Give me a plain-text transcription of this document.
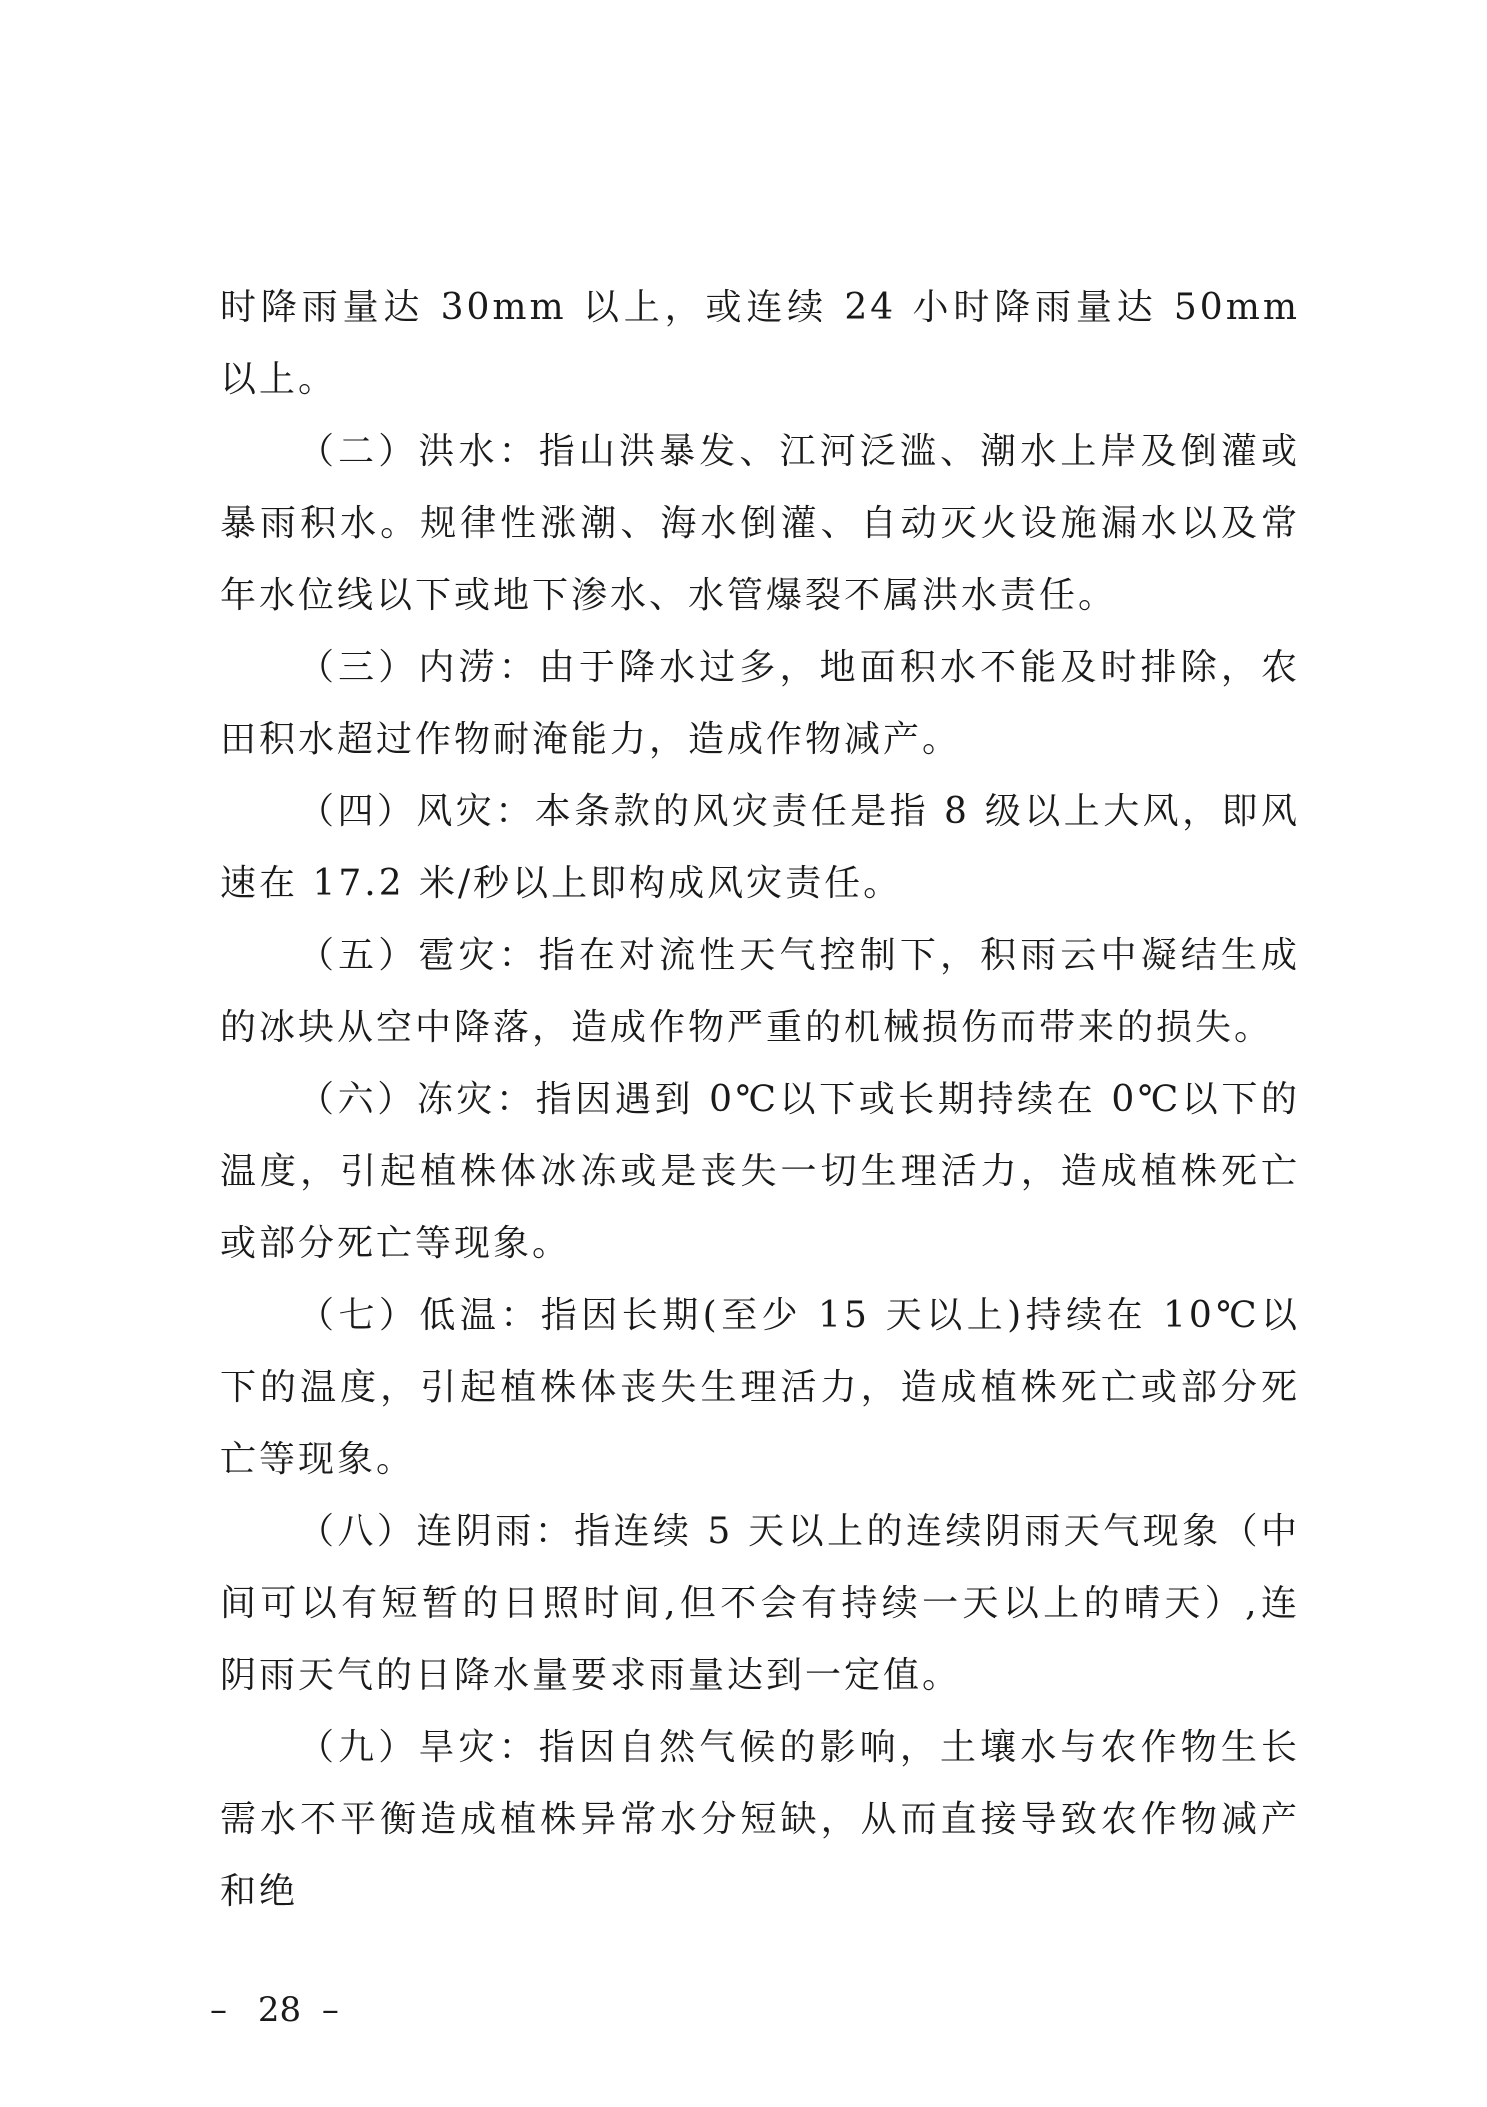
时降雨量达 30mm 以上，或连续 24 小时降雨量达 50mm 以上。

（二）洪水：指山洪暴发、江河泛滥、潮水上岸及倒灌或暴雨积水。规律性涨潮、海水倒灌、自动灭火设施漏水以及常年水位线以下或地下渗水、水管爆裂不属洪水责任。

（三）内涝：由于降水过多，地面积水不能及时排除，农田积水超过作物耐淹能力，造成作物减产。

（四）风灾：本条款的风灾责任是指 8 级以上大风，即风速在 17.2 米/秒以上即构成风灾责任。

（五）雹灾：指在对流性天气控制下，积雨云中凝结生成的冰块从空中降落，造成作物严重的机械损伤而带来的损失。

（六）冻灾：指因遇到 0℃以下或长期持续在 0℃以下的温度，引起植株体冰冻或是丧失一切生理活力，造成植株死亡或部分死亡等现象。

（七）低温：指因长期(至少 15 天以上)持续在 10℃以下的温度，引起植株体丧失生理活力，造成植株死亡或部分死亡等现象。

（八）连阴雨：指连续 5 天以上的连续阴雨天气现象（中间可以有短暂的日照时间,但不会有持续一天以上的晴天）,连阴雨天气的日降水量要求雨量达到一定值。

（九）旱灾：指因自然气候的影响，土壤水与农作物生长需水不平衡造成植株异常水分短缺，从而直接导致农作物减产和绝

– 28 –
